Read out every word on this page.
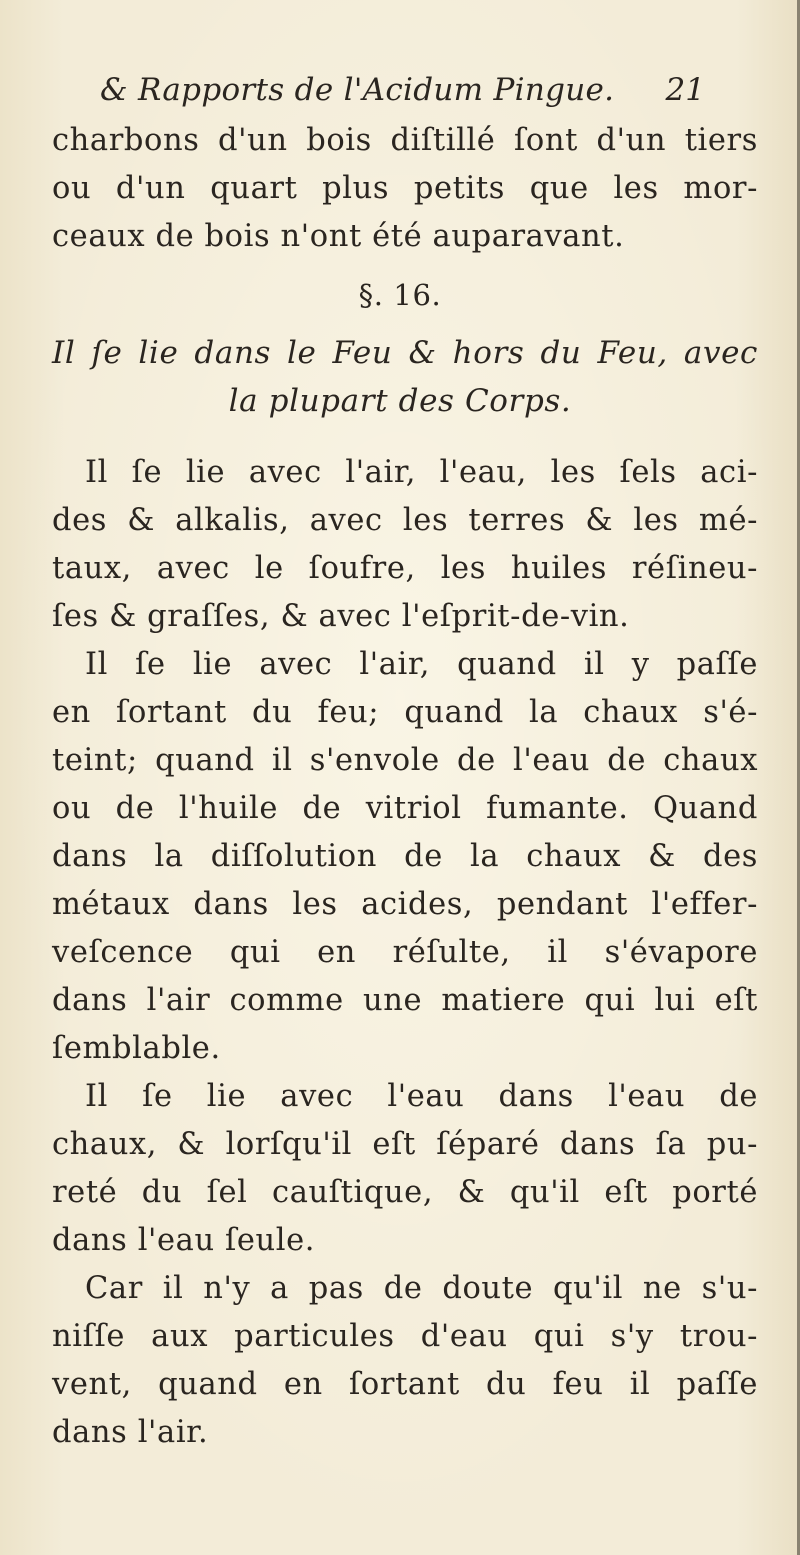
& Rapports de l'Acidum Pingue.	21
charbons d'un bois diſtillé ſont d'un tiers
ou d'un quart plus petits que les mor-
ceaux de bois n'ont été auparavant.
§. 16.
Il ſe lie dans le Feu & hors du Feu, avec
la plupart des Corps.
Il ſe lie avec l'air, l'eau, les ſels aci-
des & alkalis, avec les terres & les mé-
taux, avec le ſoufre, les huiles réſineu-
ſes & graſſes, & avec l'eſprit-de-vin.
Il ſe lie avec l'air, quand il y paſſe
en ſortant du feu; quand la chaux s'é-
teint; quand il s'envole de l'eau de chaux
ou de l'huile de vitriol fumante. Quand
dans la diſſolution de la chaux & des
métaux dans les acides, pendant l'effer-
veſcence qui en réſulte, il s'évapore
dans l'air comme une matiere qui lui eſt
ſemblable.
Il ſe lie avec l'eau dans l'eau de
chaux, & lorſqu'il eſt ſéparé dans ſa pu-
reté du ſel cauſtique, & qu'il eſt porté
dans l'eau ſeule.
Car il n'y a pas de doute qu'il ne s'u-
niſſe aux particules d'eau qui s'y trou-
vent, quand en ſortant du feu il paſſe
dans l'air.
